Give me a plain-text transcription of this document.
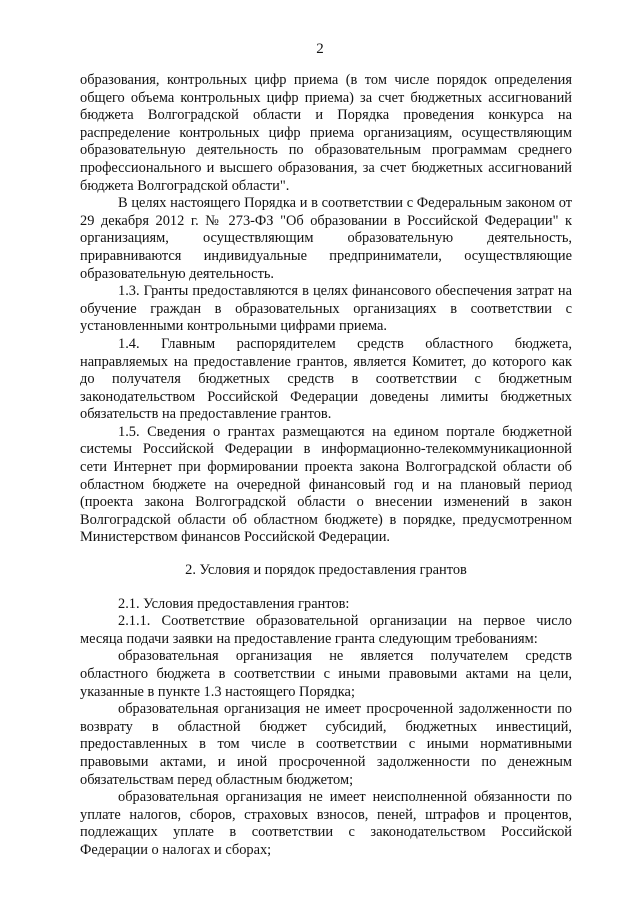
2

образования, контрольных цифр приема (в том числе порядок определения общего объема контрольных цифр приема) за счет бюджетных ассигнований бюджета Волгоградской области и Порядка проведения конкурса на распределение контрольных цифр приема организациям, осуществляющим образовательную деятельность по образовательным программам среднего профессионального и высшего образования, за счет бюджетных ассигнований бюджета Волгоградской области".

В целях настоящего Порядка и в соответствии с Федеральным законом от 29 декабря 2012 г. № 273-ФЗ "Об образовании в Российской Федерации" к организациям, осуществляющим образовательную деятельность, приравниваются индивидуальные предприниматели, осуществляющие образовательную деятельность.

1.3. Гранты предоставляются в целях финансового обеспечения затрат на обучение граждан в образовательных организациях в соответствии с установленными контрольными цифрами приема.

1.4. Главным распорядителем средств областного бюджета, направляемых на предоставление грантов, является Комитет, до которого как до получателя бюджетных средств в соответствии с бюджетным законодательством Российской Федерации доведены лимиты бюджетных обязательств на предоставление грантов.

1.5. Сведения о грантах размещаются на едином портале бюджетной системы Российской Федерации в информационно-телекоммуникационной сети Интернет при формировании проекта закона Волгоградской области об областном бюджете на очередной финансовый год и на плановый период (проекта закона Волгоградской области о внесении изменений в закон Волгоградской области об областном бюджете) в порядке, предусмотренном Министерством финансов Российской Федерации.

2. Условия и порядок предоставления грантов

2.1. Условия предоставления грантов:

2.1.1. Соответствие образовательной организации на первое число месяца подачи заявки на предоставление гранта следующим требованиям:

образовательная организация не является получателем средств областного бюджета в соответствии с иными правовыми актами на цели, указанные в пункте 1.3 настоящего Порядка;

образовательная организация не имеет просроченной задолженности по возврату в областной бюджет субсидий, бюджетных инвестиций, предоставленных в том числе в соответствии с иными нормативными правовыми актами, и иной просроченной задолженности по денежным обязательствам перед областным бюджетом;

образовательная организация не имеет неисполненной обязанности по уплате налогов, сборов, страховых взносов, пеней, штрафов и процентов, подлежащих уплате в соответствии с законодательством Российской Федерации о налогах и сборах;
